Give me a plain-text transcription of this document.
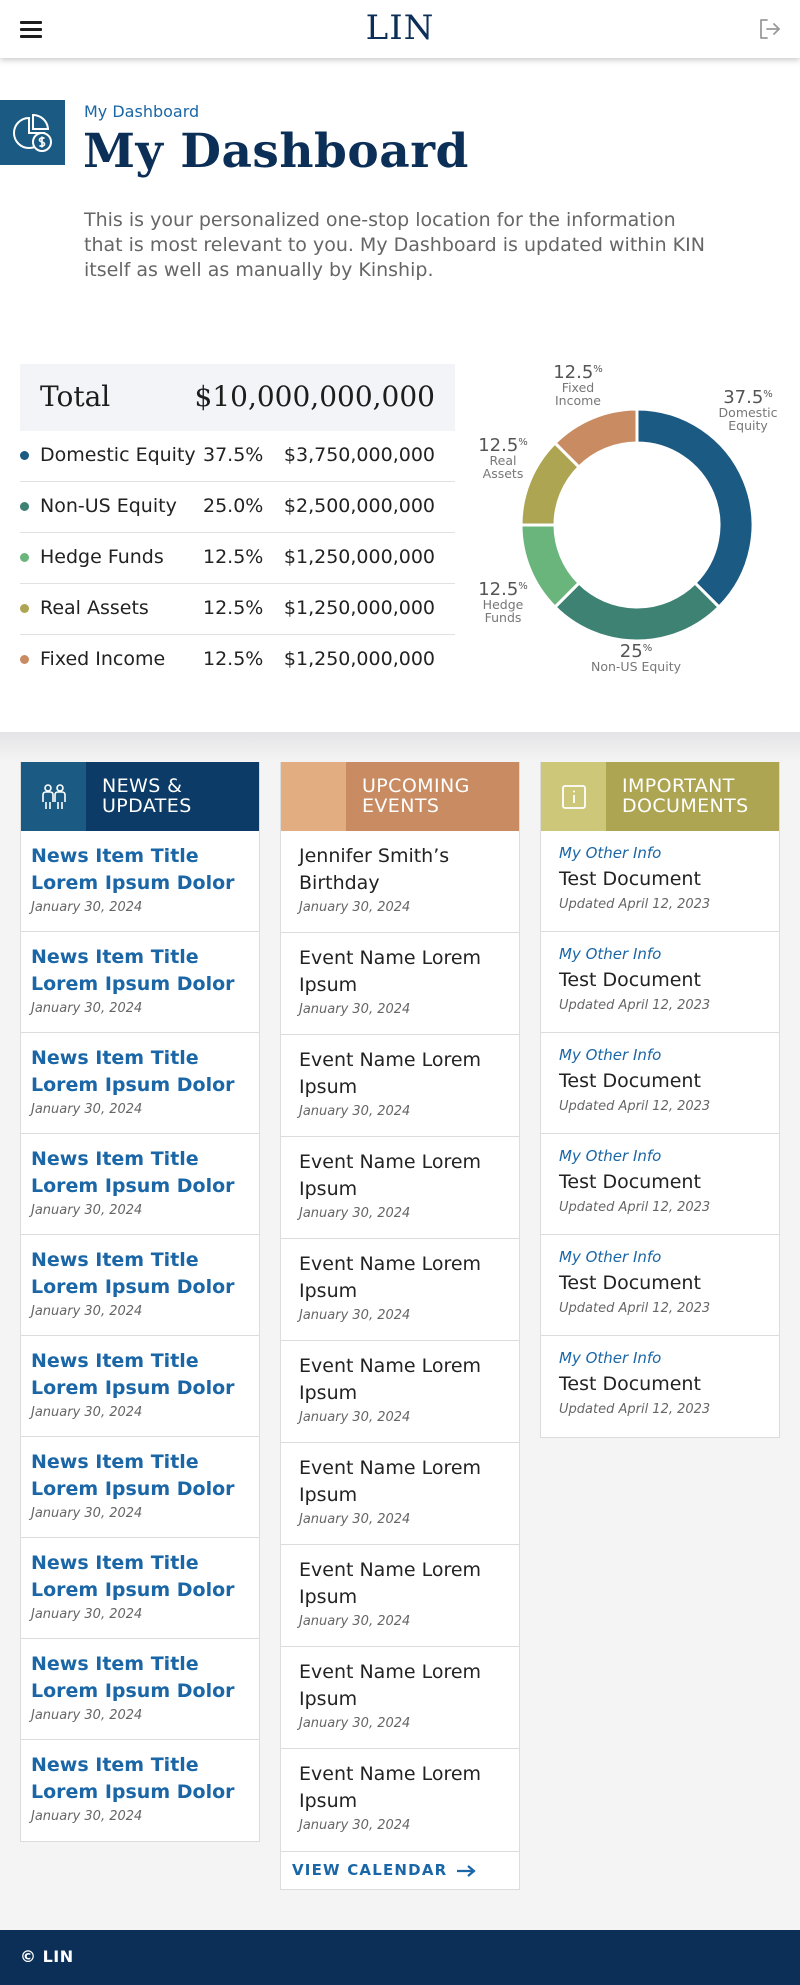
LIN
My Dashboard
My Dashboard

This is your personalized one-stop location for the information that is most relevant to you. My Dashboard is updated within KIN itself as well as manually by Kinship.

Total	$10,000,000,000
Domestic Equity 37.5% $3,750,000,000
Non-US Equity 25.0% $2,500,000,000
Hedge Funds 12.5% $1,250,000,000
Real Assets	12.5% $1,250,000,000
Fixed Income 12.5% $1,250,000,000
37.5%
Domestic
Equity
25%
Non-US Equity
12.5%
Hedge
Funds
12.5%
Real
Assets
12.5%
Fixed
Income
NEWS &
UPDATES
News Item Title Lorem Ipsum Dolor
January 30, 2024
News Item Title Lorem Ipsum Dolor
January 30, 2024
News Item Title Lorem Ipsum Dolor
January 30, 2024
News Item Title Lorem Ipsum Dolor
January 30, 2024
News Item Title Lorem Ipsum Dolor
January 30, 2024
News Item Title Lorem Ipsum Dolor
January 30, 2024
News Item Title Lorem Ipsum Dolor
January 30, 2024
News Item Title Lorem Ipsum Dolor
January 30, 2024
News Item Title Lorem Ipsum Dolor
January 30, 2024
News Item Title Lorem Ipsum Dolor
January 30, 2024
UPCOMING
EVENTS
Jennifer Smith’s Birthday
January 30, 2024
Event Name Lorem Ipsum
January 30, 2024
Event Name Lorem Ipsum
January 30, 2024
Event Name Lorem Ipsum
January 30, 2024
Event Name Lorem Ipsum
January 30, 2024
Event Name Lorem Ipsum
January 30, 2024
Event Name Lorem Ipsum
January 30, 2024
Event Name Lorem Ipsum
January 30, 2024
Event Name Lorem Ipsum
January 30, 2024
Event Name Lorem Ipsum
January 30, 2024
VIEW CALENDAR
IMPORTANT
DOCUMENTS
My Other Info
Test Document
Updated April 12, 2023
My Other Info
Test Document
Updated April 12, 2023
My Other Info
Test Document
Updated April 12, 2023
My Other Info
Test Document
Updated April 12, 2023
My Other Info
Test Document
Updated April 12, 2023
My Other Info
Test Document
Updated April 12, 2023
© LIN
